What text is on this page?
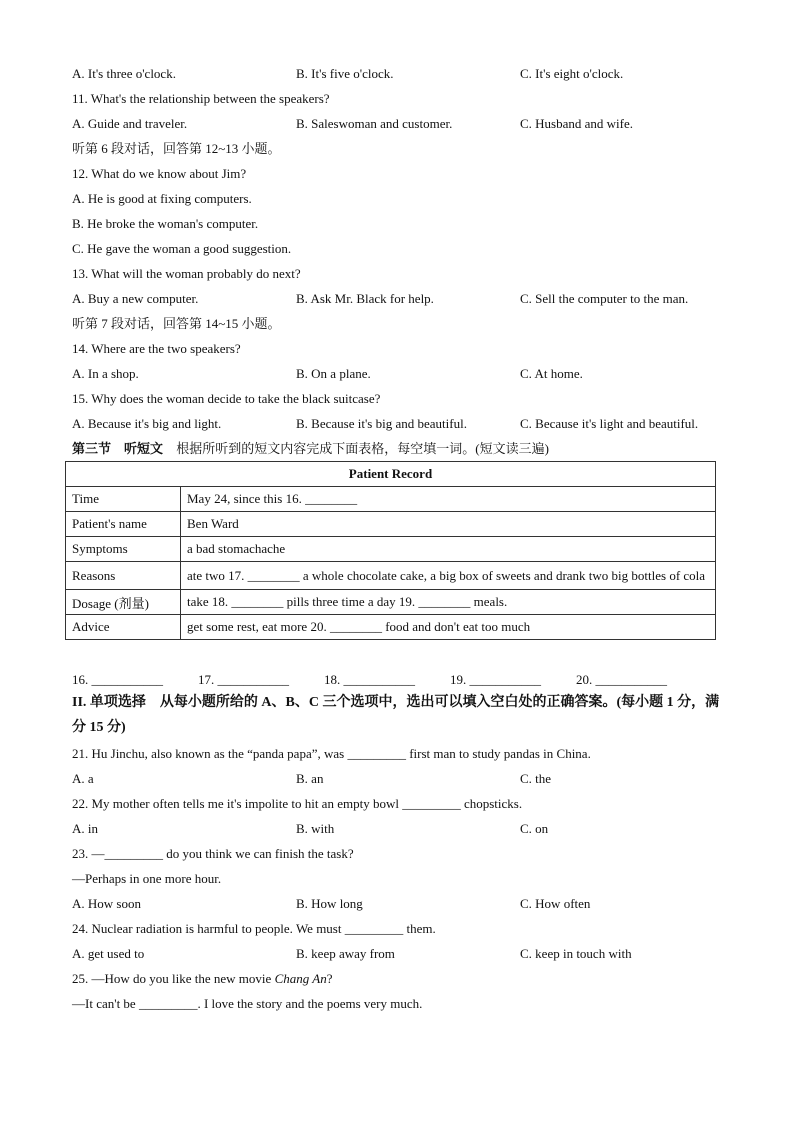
A. It's three o'clock.	B. It's five o'clock.	C. It's eight o'clock.
11. What's the relationship between the speakers?
A. Guide and traveler.	B. Saleswoman and customer.	C. Husband and wife.
听第 6 段对话，回答第 12~13 小题。
12. What do we know about Jim?
A. He is good at fixing computers.
B. He broke the woman's computer.
C. He gave the woman a good suggestion.
13. What will the woman probably do next?
A. Buy a new computer.	B. Ask Mr. Black for help.	C. Sell the computer to the man.
听第 7 段对话，回答第 14~15 小题。
14. Where are the two speakers?
A. In a shop.	B. On a plane.	C. At home.
15. Why does the woman decide to take the black suitcase?
A. Because it's big and light.	B. Because it's big and beautiful.	C. Because it's light and beautiful.
第三节　听短文 根据所听到的短文内容完成下面表格，每空填一词。(短文读三遍)
Patient Record	
Time	May 24, since this 16. ________
Patient's name	Ben Ward
Symptoms	a bad stomachache
Reasons	ate two 17. ________ a whole chocolate cake, a big box of sweets and drank two big bottles of cola
Dosage (剂量)	take 18. ________ pills three time a day 19. ________ meals.
Advice	get some rest, eat more 20. ________ food and don't eat too much
16. ___________	17. ___________	18. ___________	19. ___________	20. ___________
II. 单项选择　从每小题所给的 A、B、C 三个选项中，选出可以填入空白处的正确答案。(每小题 1 分，满分 15 分)
21. Hu Jinchu, also known as the “panda papa”, was _________ first man to study pandas in China.
A. a	B. an	C. the
22. My mother often tells me it's impolite to hit an empty bowl _________ chopsticks.
A. in	B. with	C. on
23. —_________ do you think we can finish the task?
—Perhaps in one more hour.
A. How soon	B. How long	C. How often
24. Nuclear radiation is harmful to people. We must _________ them.
A. get used to	B. keep away from	C. keep in touch with
25. —How do you like the new movie Chang An?
—It can't be _________. I love the story and the poems very much.
